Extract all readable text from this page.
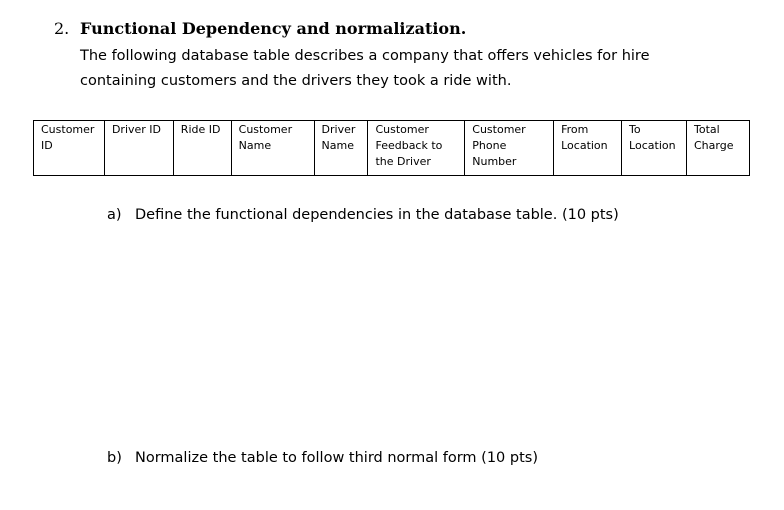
2. Functional Dependency and normalization.
The following database table describes a company that offers vehicles for hire
containing customers and the drivers they took a ride with.
Customer ID	Driver ID	Ride ID	Customer Name	Driver Name	Customer Feedback to the Driver	Customer Phone Number	From Location	To Location	Total Charge
a) Define the functional dependencies in the database table. (10 pts)
b) Normalize the table to follow third normal form (10 pts)
